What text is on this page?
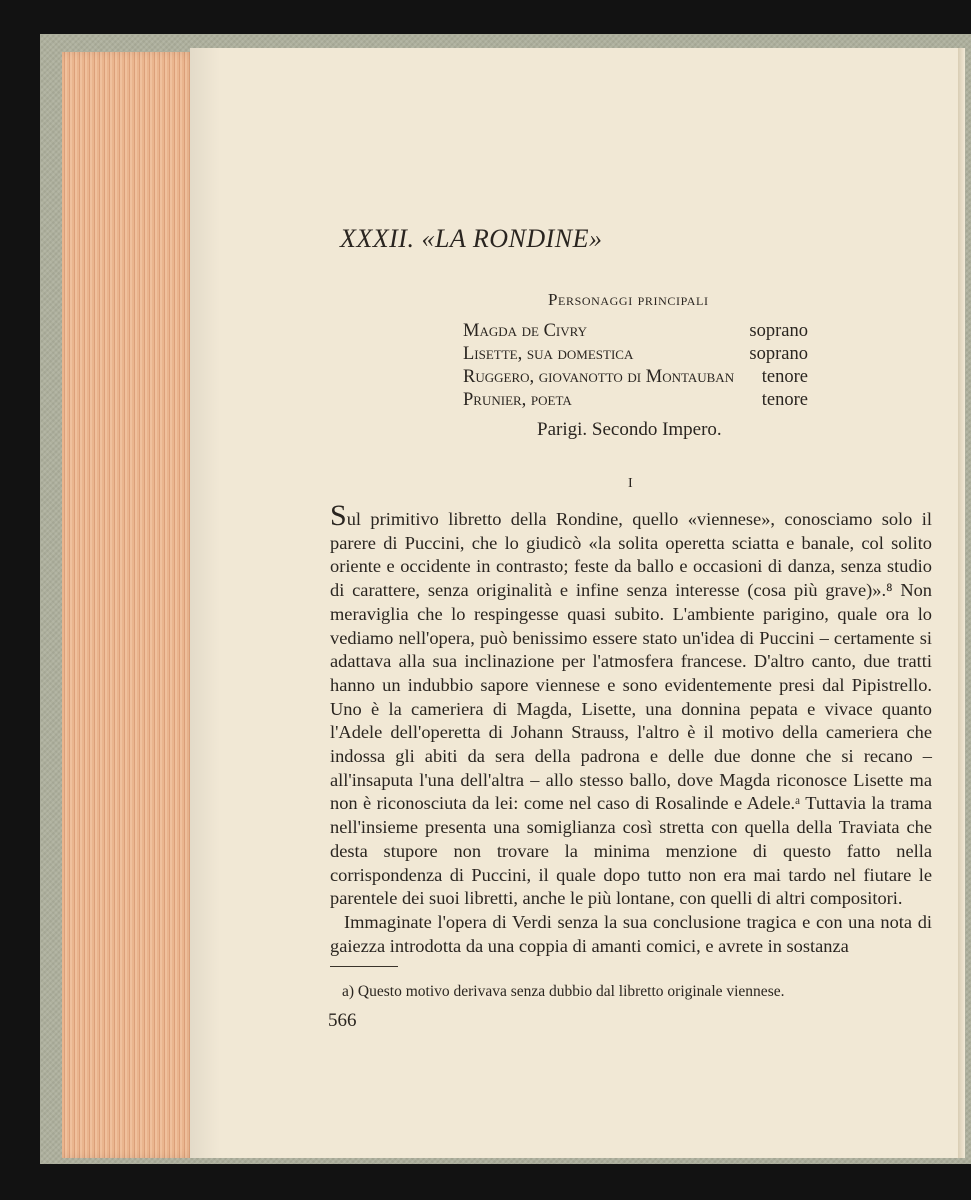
XXXII. «LA RONDINE»
Personaggi principali
Magda de Civry	soprano
Lisette, sua domestica	soprano
Ruggero, giovanotto di Montauban tenore
Prunier, poeta	tenore
Parigi. Secondo Impero.
I

Sul primitivo libretto della Rondine, quello «viennese», conosciamo solo il parere di Puccini, che lo giudicò «la solita operetta sciatta e banale, col solito oriente e occidente in contrasto; feste da ballo e occasioni di danza, senza studio di carattere, senza originalità e infine senza interesse (cosa più grave)».⁸ Non meraviglia che lo respingesse quasi subito. L'ambiente parigino, quale ora lo vediamo nell'opera, può benissimo essere stato un'idea di Puccini – certamente si adattava alla sua inclinazione per l'atmosfera francese. D'altro canto, due tratti hanno un indubbio sapore viennese e sono evidentemente presi dal Pipistrello. Uno è la cameriera di Magda, Lisette, una donnina pepata e vivace quanto l'Adele dell'operetta di Johann Strauss, l'altro è il motivo della cameriera che indossa gli abiti da sera della padrona e delle due donne che si recano – all'insaputa l'una dell'altra – allo stesso ballo, dove Magda riconosce Lisette ma non è riconosciuta da lei: come nel caso di Rosalinde e Adele.ᵃ Tuttavia la trama nell'insieme presenta una somiglianza così stretta con quella della Traviata che desta stupore non trovare la minima menzione di questo fatto nella corrispondenza di Puccini, il quale dopo tutto non era mai tardo nel fiutare le parentele dei suoi libretti, anche le più lontane, con quelli di altri compositori.

Immaginate l'opera di Verdi senza la sua conclusione tragica e con una nota di gaiezza introdotta da una coppia di amanti comici, e avrete in sostanza

a) Questo motivo derivava senza dubbio dal libretto originale viennese.
566
